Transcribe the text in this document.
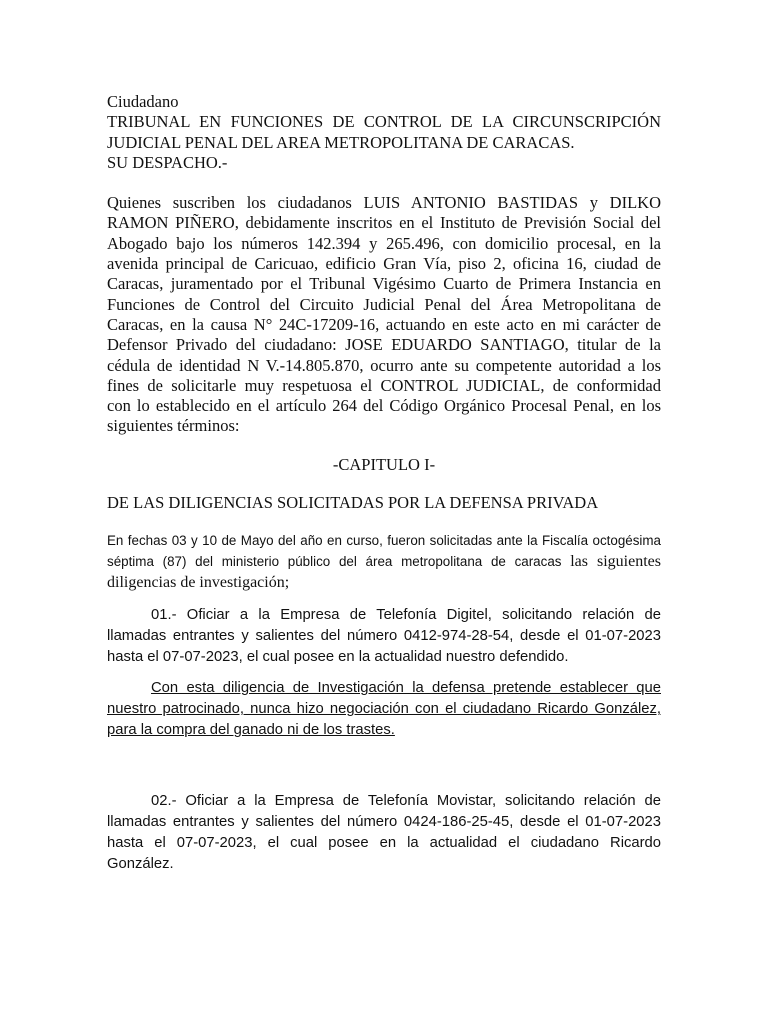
Ciudadano
TRIBUNAL EN FUNCIONES DE CONTROL DE LA CIRCUNSCRIPCIÓN
JUDICIAL PENAL DEL AREA METROPOLITANA DE CARACAS.
SU DESPACHO.-
Quienes suscriben los ciudadanos LUIS ANTONIO BASTIDAS y DILKO
RAMON PIÑERO, debidamente inscritos en el Instituto de Previsión Social del
Abogado bajo los números 142.394 y 265.496, con domicilio procesal, en la
avenida principal de Caricuao, edificio Gran Vía, piso 2, oficina 16, ciudad de
Caracas, juramentado por el Tribunal Vigésimo Cuarto de Primera Instancia en
Funciones de Control del Circuito Judicial Penal del Área Metropolitana de
Caracas, en la causa N° 24C-17209-16, actuando en este acto en mi carácter de
Defensor Privado del ciudadano: JOSE EDUARDO SANTIAGO, titular de la
cédula de identidad N V.-14.805.870, ocurro ante su competente autoridad a los
fines de solicitarle muy respetuosa el CONTROL JUDICIAL, de conformidad
con lo establecido en el artículo 264 del Código Orgánico Procesal Penal, en los
siguientes términos:
-CAPITULO I-
DE LAS DILIGENCIAS SOLICITADAS POR LA DEFENSA PRIVADA
En fechas 03 y 10 de Mayo del año en curso, fueron solicitadas ante la Fiscalía octogésima
séptima (87) del ministerio público del área metropolitana de caracas las siguientes
diligencias de investigación;
01.- Oficiar a la Empresa de Telefonía Digitel, solicitando relación de
llamadas entrantes y salientes del número 0412-974-28-54, desde el 01-07-2023
hasta el 07-07-2023, el cual posee en la actualidad nuestro defendido.
Con esta diligencia de Investigación la defensa pretende establecer que
nuestro patrocinado, nunca hizo negociación con el ciudadano Ricardo González,
para la compra del ganado ni de los trastes.
02.- Oficiar a la Empresa de Telefonía Movistar, solicitando relación de
llamadas entrantes y salientes del número 0424-186-25-45, desde el 01-07-2023
hasta el 07-07-2023, el cual posee en la actualidad el ciudadano Ricardo
González.
